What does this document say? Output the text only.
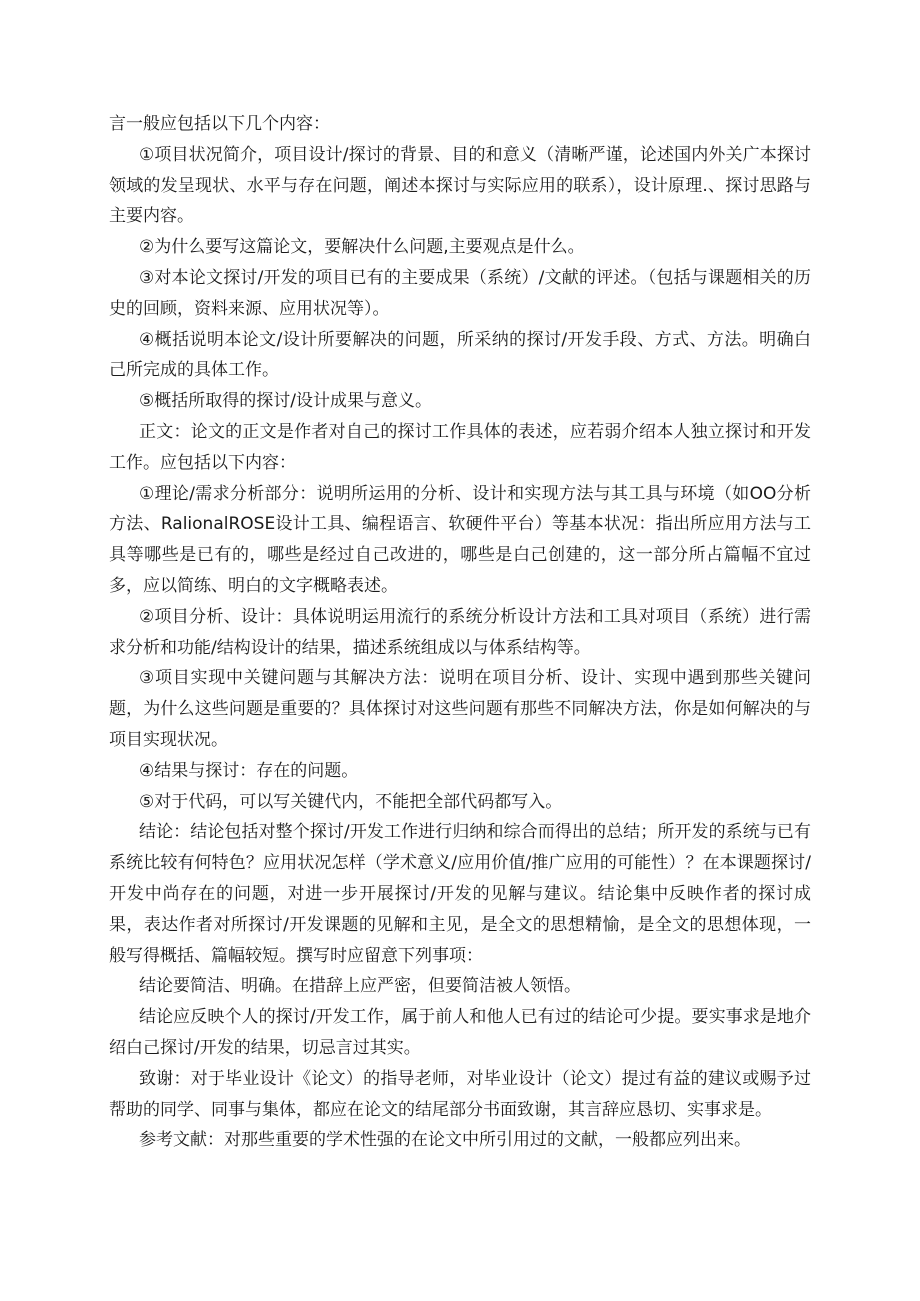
言一般应包括以下几个内容：

①项目状况简介，项目设计/探讨的背景、目的和意义（清晰严谨，论述国内外关广本探讨领域的发呈现状、水平与存在问题，阐述本探讨与实际应用的联系），设计原理.、探讨思路与主要内容。

②为什么要写这篇论文，要解决什么问题,主要观点是什么。

③对本论文探讨/开发的项目已有的主要成果（系统）/文献的评述。（包括与课题相关的历史的回顾，资料来源、应用状况等）。

④概括说明本论文/设计所要解决的问题，所采纳的探讨/开发手段、方式、方法。明确白己所完成的具体工作。

⑤概括所取得的探讨/设计成果与意义。

正文：论文的正文是作者对自己的探讨工作具体的表述，应若弱介绍本人独立探讨和开发工作。应包括以下内容：

①理论/需求分析部分：说明所运用的分析、设计和实现方法与其工具与环境（如OO分析方法、RalionalROSE设计工具、编程语言、软硬件平台）等基本状况：指出所应用方法与工具等哪些是已有的，哪些是经过自己改进的，哪些是白己创建的，这一部分所占篇幅不宜过多，应以简练、明白的文字概略表述。

②项目分析、设计：具体说明运用流行的系统分析设计方法和工具对项目（系统）进行需求分析和功能/结构设计的结果，描述系统组成以与体系结构等。

③项目实现中关键问题与其解决方法：说明在项目分析、设计、实现中遇到那些关键问题，为什么这些问题是重要的？具体探讨对这些问题有那些不同解决方法，你是如何解决的与项目实现状况。

④结果与探讨：存在的问题。

⑤对于代码，可以写关键代内，不能把全部代码都写入。

结论：结论包括对整个探讨/开发工作进行归纳和综合而得出的总结；所开发的系统与已有系统比较有何特色？应用状况怎样（学术意义/应用价值/推广应用的可能性）？在本课题探讨/开发中尚存在的问题，对进一步开展探讨/开发的见解与建议。结论集中反映作者的探讨成果，表达作者对所探讨/开发课题的见解和主见，是全文的思想精愉，是全文的思想体现，一般写得概括、篇幅较短。撰写时应留意下列事项：

结论要简洁、明确。在措辞上应严密，但要简洁被人领悟。

结论应反映个人的探讨/开发工作，属于前人和他人已有过的结论可少提。要实事求是地介绍白己探讨/开发的结果，切忌言过其实。

致谢：对于毕业设计《论文）的指导老师，对毕业设计（论文）提过有益的建议或赐予过帮助的同学、同事与集体，都应在论文的结尾部分书面致谢，其言辞应恳切、实事求是。

参考文献：对那些重要的学术性强的在论文中所引用过的文献，一般都应列出来。
